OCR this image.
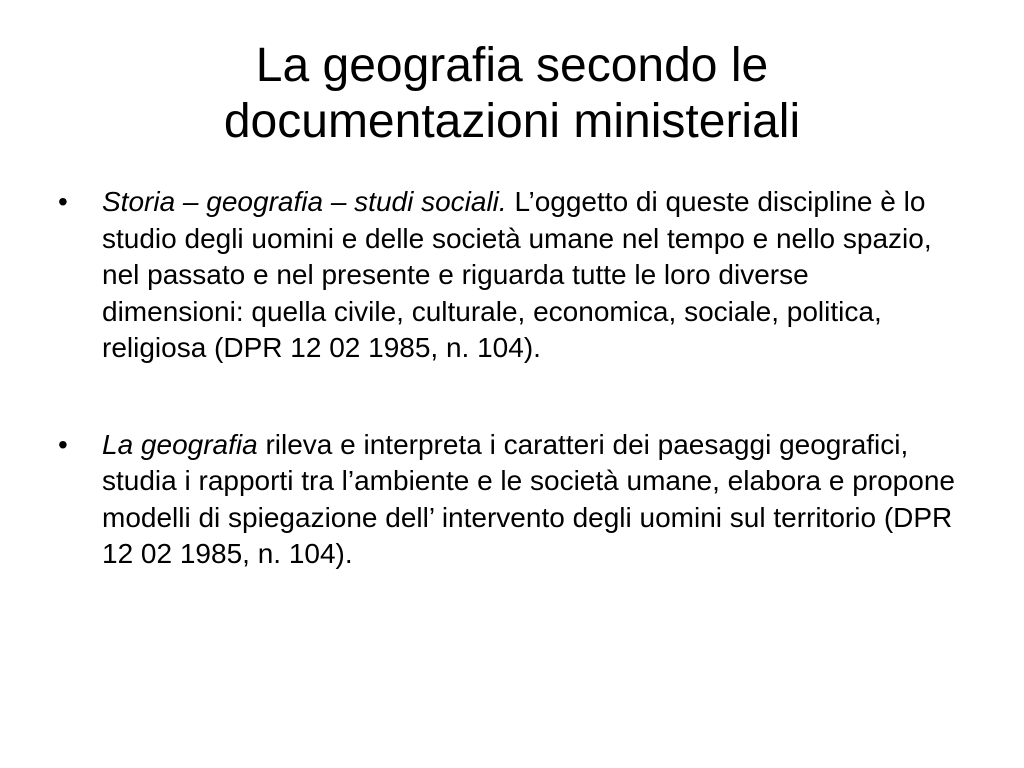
La geografia secondo le
documentazioni ministeriali
•	Storia – geografia – studi sociali. L’oggetto di queste discipline è lo studio degli uomini e delle società umane nel tempo e nello spazio, nel passato e nel presente e riguarda tutte le loro diverse dimensioni: quella civile, culturale, economica, sociale, politica, religiosa (DPR 12 02 1985, n. 104).
•	La geografia rileva e interpreta i caratteri dei paesaggi geografici, studia i rapporti tra l’ambiente e le società umane, elabora e propone modelli di spiegazione dell’ intervento degli uomini sul territorio (DPR 12 02 1985, n. 104).
